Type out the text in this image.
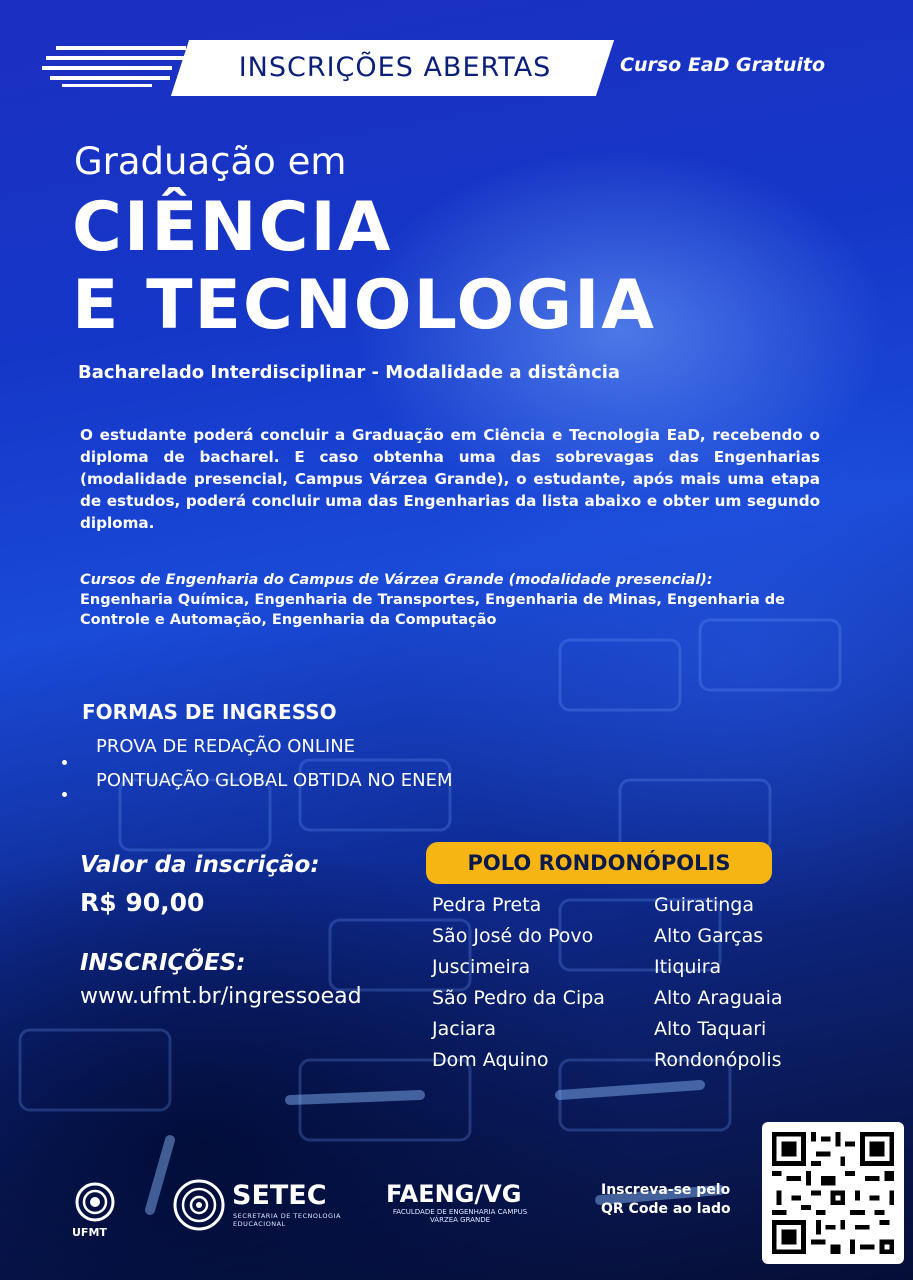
INSCRIÇÕES ABERTAS	Curso EaD Gratuito
Graduação em
CIÊNCIA
E TECNOLOGIA
Bacharelado Interdisciplinar - Modalidade a distância
O estudante poderá concluir a Graduação em Ciência e Tecnologia EaD, recebendo o diploma de bacharel. E caso obtenha uma das sobrevagas das Engenharias (modalidade presencial, Campus Várzea Grande), o estudante, após mais uma etapa de estudos, poderá concluir uma das Engenharias da lista abaixo e obter um segundo diploma.
Cursos de Engenharia do Campus de Várzea Grande (modalidade presencial):
Engenharia Química, Engenharia de Transportes, Engenharia de Minas, Engenharia de Controle e Automação, Engenharia da Computação
FORMAS DE INGRESSO
PROVA DE REDAÇÃO ONLINE
PONTUAÇÃO GLOBAL OBTIDA NO ENEM
Valor da inscrição:
R$ 90,00
INSCRIÇÕES:
www.ufmt.br/ingressoead
POLO RONDONÓPOLIS
Pedra Preta
São José do Povo
Juscimeira
São Pedro da Cipa
Jaciara
Dom Aquino
Guiratinga
Alto Garças
Itiquira
Alto Araguaia
Alto Taquari
Rondonópolis
UFMT
SETEC
SECRETARIA DE TECNOLOGIA EDUCACIONAL
FAENG/VG
FACULDADE DE ENGENHARIA CAMPUS VÁRZEA GRANDE
Inscreva-se pelo
QR Code ao lado
